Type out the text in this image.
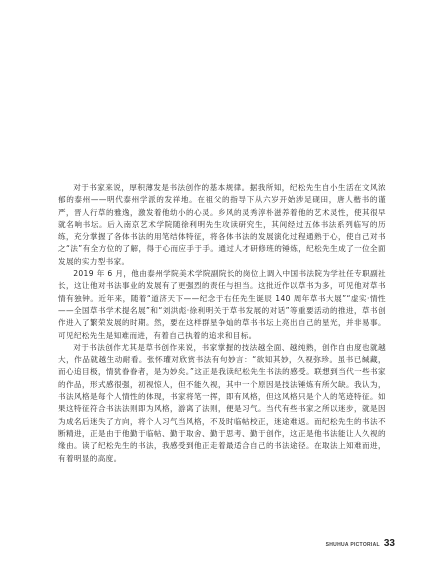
对于书家来说，厚积薄发是书法创作的基本规律。据我所知，纪松先生自小生活在文风浓郁的泰州——明代泰州学派的发祥地。在祖父的指导下从六岁开始涉足砚田，唐人楷书的谨严，晋人行草的雅逸，激发着他幼小的心灵。乡风的灵秀淳朴滋养着他的艺术灵性，使其很早就名响书坛。后入南京艺术学院随徐利明先生攻读研究生，其间经过五体书法系列临写的历练，充分掌握了各体书法的用笔结体特征，将各体书法的发展演化过程通熟于心，使自己对书之“法”有全方位的了解，得于心而应手于手。通过人才研修班的锤炼，纪松先生成了一位全面发展的实力型书家。

2019 年 6 月，他由泰州学院美术学院副院长的岗位上调入中国书法院为学社任专职副社长，这让他对书法事业的发展有了更强烈的责任与担当。这批近作以草书为多，可见他对草书情有独钟。近年来，随着“道济天下——纪念于右任先生诞辰 140 周年草书大展”“虚实·情性——全国草书学术提名展”和“刘洪彪·徐利明关于草书发展的对话”等重要活动的推进，草书创作进入了繁荣发展的时期。然，要在这样群星争灿的草书书坛上亮出自己的星光，并非易事。可见纪松先生是知难而进，有着自己执着的追求和目标。

对于书法创作尤其是草书创作来说，书家掌握的技法越全面、越纯熟，创作自由度也就越大，作品就越生动耐看。张怀瓘对欣赏书法有句妙言：“欲知其妙，久视弥珍。虽书已缄藏，而心追目极，情犹眷眷者，是为妙矣。”这正是我读纪松先生书法的感受。联想到当代一些书家的作品，形式感很强，初视惊人，但不能久视，其中一个原因是技法锤炼有所欠缺。我认为，书法风格是每个人情性的体现，书家将笔一挥，即有风格，但这风格只是个人的笔迹特征。如果这特征符合书法法则即为风格，游离了法则，便是习气。当代有些书家之所以迷步，就是因为成名后迷失了方向，将个人习气当风格，不及时临帖校正，迷途难返。而纪松先生的书法不断精进，正是由于他勤于临帖、勤于取舍、勤于思考、勤于创作，这正是他书法能让人久视的缘由。读了纪松先生的书法，我感受到他正走着最适合自己的书法途径。在取法上知难而进，有着明显的高度。

SHUHUA PICTORIAL 33
